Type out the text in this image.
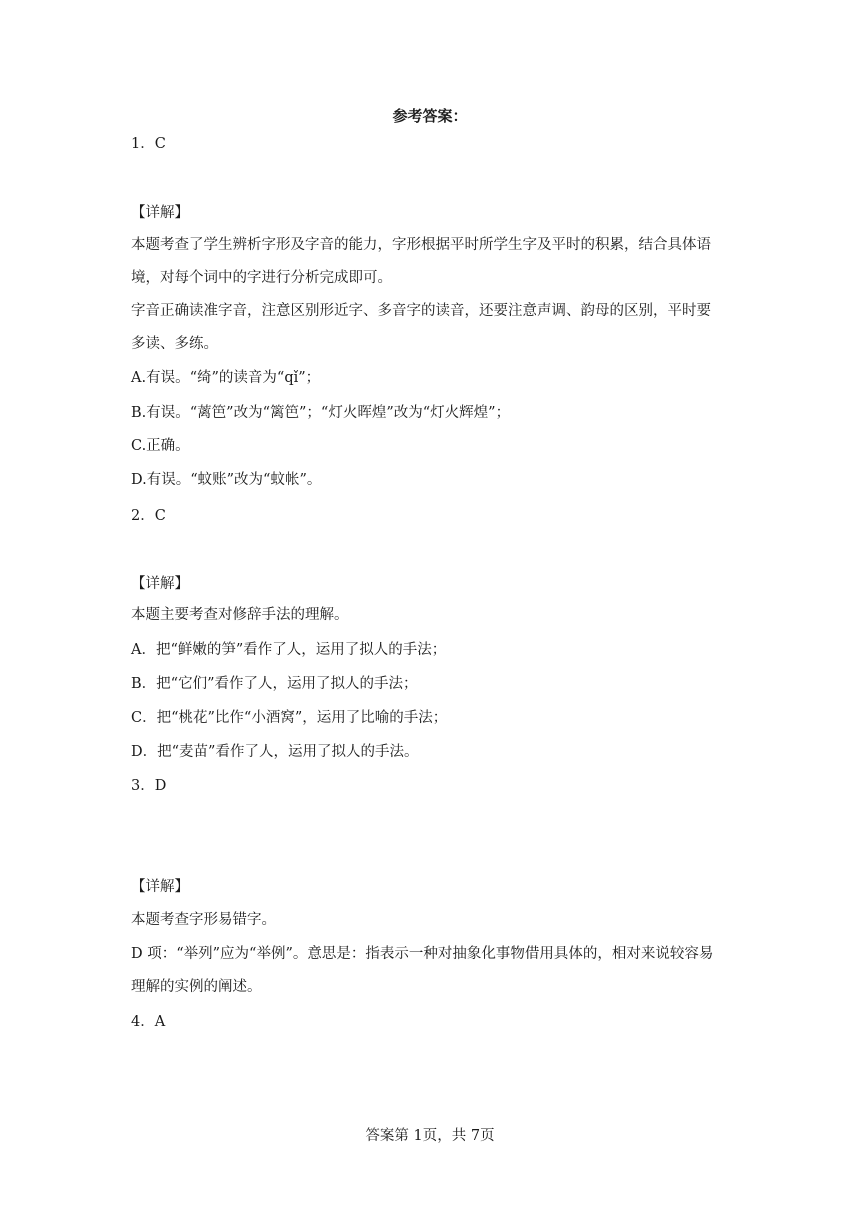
参考答案：
1．C
【详解】
本题考查了学生辨析字形及字音的能力，字形根据平时所学生字及平时的积累，结合具体语
境，对每个词中的字进行分析完成即可。
字音正确读准字音，注意区别形近字、多音字的读音，还要注意声调、韵母的区别，平时要
多读、多练。
A.有误。“绮”的读音为“qǐ”；
B.有误。“蓠笆”改为“篱笆”；“灯火晖煌”改为“灯火辉煌”；
C.正确。
D.有误。“蚊账”改为“蚊帐”。
2．C
【详解】
本题主要考查对修辞手法的理解。
A．把“鲜嫩的笋”看作了人，运用了拟人的手法；
B．把“它们”看作了人，运用了拟人的手法；
C．把“桃花”比作“小酒窝”，运用了比喻的手法；
D．把“麦苗”看作了人，运用了拟人的手法。
3．D
【详解】
本题考查字形易错字。
D 项：“举列”应为“举例”。意思是：指表示一种对抽象化事物借用具体的，相对来说较容易
理解的实例的阐述。
4．A
答案第 1页，共 7页
